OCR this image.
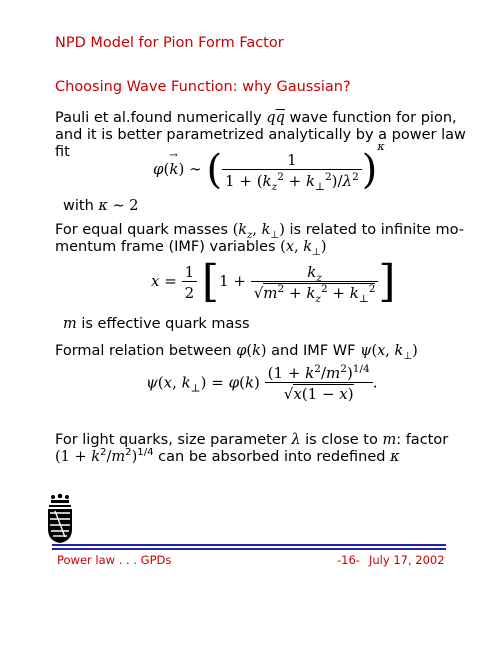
NPD Model for Pion Form Factor
Choosing Wave Function: why Gaussian?
Pauli et al.found numerically $q\overline{q}$ wave function for pion,
and it is better parametrized analytically by a power law
fit
φ(k
→
) ∼ ( $\frac{1}{1 + (k_z^2 + k_\perp^2)/\lambda^2} )^\kappa$
with κ ∼ 2
For equal quark masses ($k_z$, $k_\perp$) is related to infinite mo-
mentum frame (IMF) variables (x, $k_\perp$)
$x = \frac{1}{2} [1 + \frac{k_z}{√m^2 + k_z^2 + k_\perp^2}$ ]
m is effective quark mass
Formal relation between φ(k) and IMF WF ψ(x, $k_\perp$)
ψ(x, $k_\perp) = \varphi(k) \frac{(1 + k^2/m^2)^{1/4}}{√x(1 - x)}$ .
For light quarks, size parameter λ is close to m: factor
$(1 + k^2/m^2)^{1/4}$ can be absorbed into redefined κ
Power law . . . GPDs	-16- July 17, 2002
